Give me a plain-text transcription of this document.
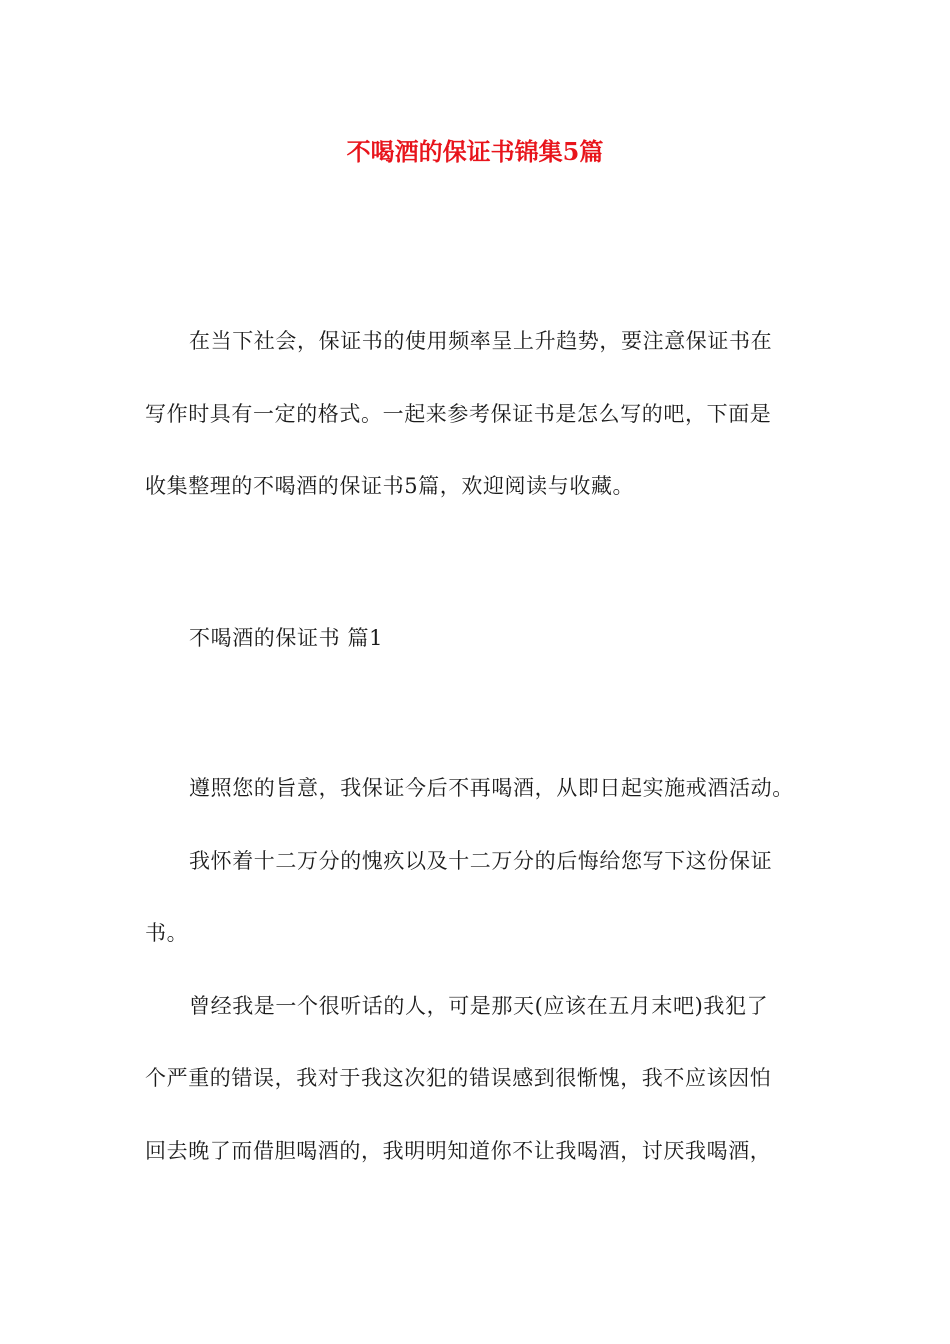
不喝酒的保证书锦集5篇
在当下社会，保证书的使用频率呈上升趋势，要注意保证书在
写作时具有一定的格式。一起来参考保证书是怎么写的吧，下面是
收集整理的不喝酒的保证书5篇，欢迎阅读与收藏。
不喝酒的保证书 篇1
遵照您的旨意，我保证今后不再喝酒，从即日起实施戒酒活动。
我怀着十二万分的愧疚以及十二万分的后悔给您写下这份保证
书。
曾经我是一个很听话的人，可是那天(应该在五月末吧)我犯了
个严重的错误，我对于我这次犯的错误感到很惭愧，我不应该因怕
回去晚了而借胆喝酒的，我明明知道你不让我喝酒，讨厌我喝酒，
